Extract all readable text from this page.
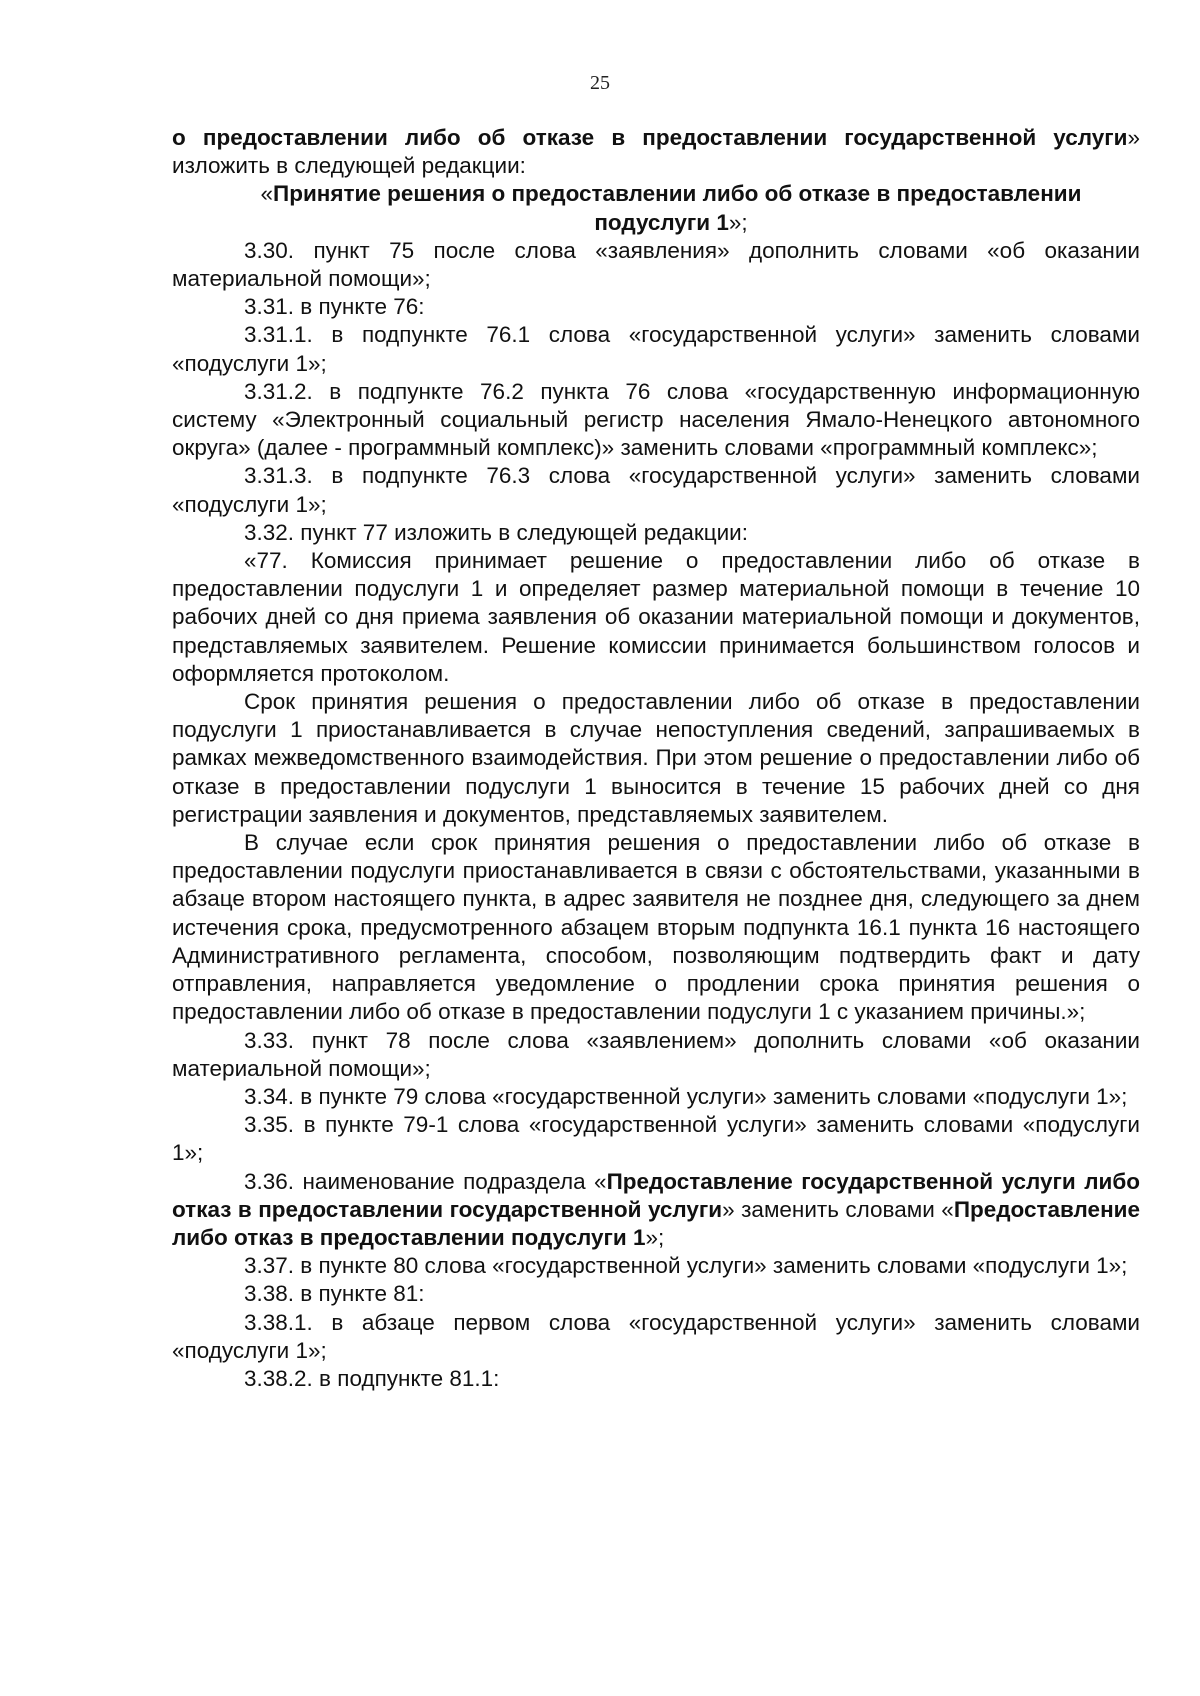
25

о предоставлении либо об отказе в предоставлении государственной услуги» изложить в следующей редакции:

«Принятие решения о предоставлении либо об отказе в предоставлении подуслуги 1»;

3.30. пункт 75 после слова «заявления» дополнить словами «об оказании материальной помощи»;

3.31. в пункте 76:

3.31.1. в подпункте 76.1 слова «государственной услуги» заменить словами «подуслуги 1»;

3.31.2. в подпункте 76.2 пункта 76 слова «государственную информационную систему «Электронный социальный регистр населения Ямало-Ненецкого автономного округа» (далее - программный комплекс)» заменить словами «программный комплекс»;

3.31.3. в подпункте 76.3 слова «государственной услуги» заменить словами «подуслуги 1»;

3.32. пункт 77 изложить в следующей редакции:

«77. Комиссия принимает решение о предоставлении либо об отказе в предоставлении подуслуги 1 и определяет размер материальной помощи в течение 10 рабочих дней со дня приема заявления об оказании материальной помощи и документов, представляемых заявителем. Решение комиссии принимается большинством голосов и оформляется протоколом.

Срок принятия решения о предоставлении либо об отказе в предоставлении подуслуги 1 приостанавливается в случае непоступления сведений, запрашиваемых в рамках межведомственного взаимодействия. При этом решение о предоставлении либо об отказе в предоставлении подуслуги 1 выносится в течение 15 рабочих дней со дня регистрации заявления и документов, представляемых заявителем.

В случае если срок принятия решения о предоставлении либо об отказе в предоставлении подуслуги приостанавливается в связи с обстоятельствами, указанными в абзаце втором настоящего пункта, в адрес заявителя не позднее дня, следующего за днем истечения срока, предусмотренного абзацем вторым подпункта 16.1 пункта 16 настоящего Административного регламента, способом, позволяющим подтвердить факт и дату отправления, направляется уведомление о продлении срока принятия решения о предоставлении либо об отказе в предоставлении подуслуги 1 с указанием причины.»;

3.33. пункт 78 после слова «заявлением» дополнить словами «об оказании материальной помощи»;

3.34. в пункте 79 слова «государственной услуги» заменить словами «подуслуги 1»;

3.35. в пункте 79-1 слова «государственной услуги» заменить словами «подуслуги 1»;

3.36. наименование подраздела «Предоставление государственной услуги либо отказ в предоставлении государственной услуги» заменить словами «Предоставление либо отказ в предоставлении подуслуги 1»;

3.37. в пункте 80 слова «государственной услуги» заменить словами «подуслуги 1»;

3.38. в пункте 81:

3.38.1. в абзаце первом слова «государственной услуги» заменить словами «подуслуги 1»;

3.38.2. в подпункте 81.1:
